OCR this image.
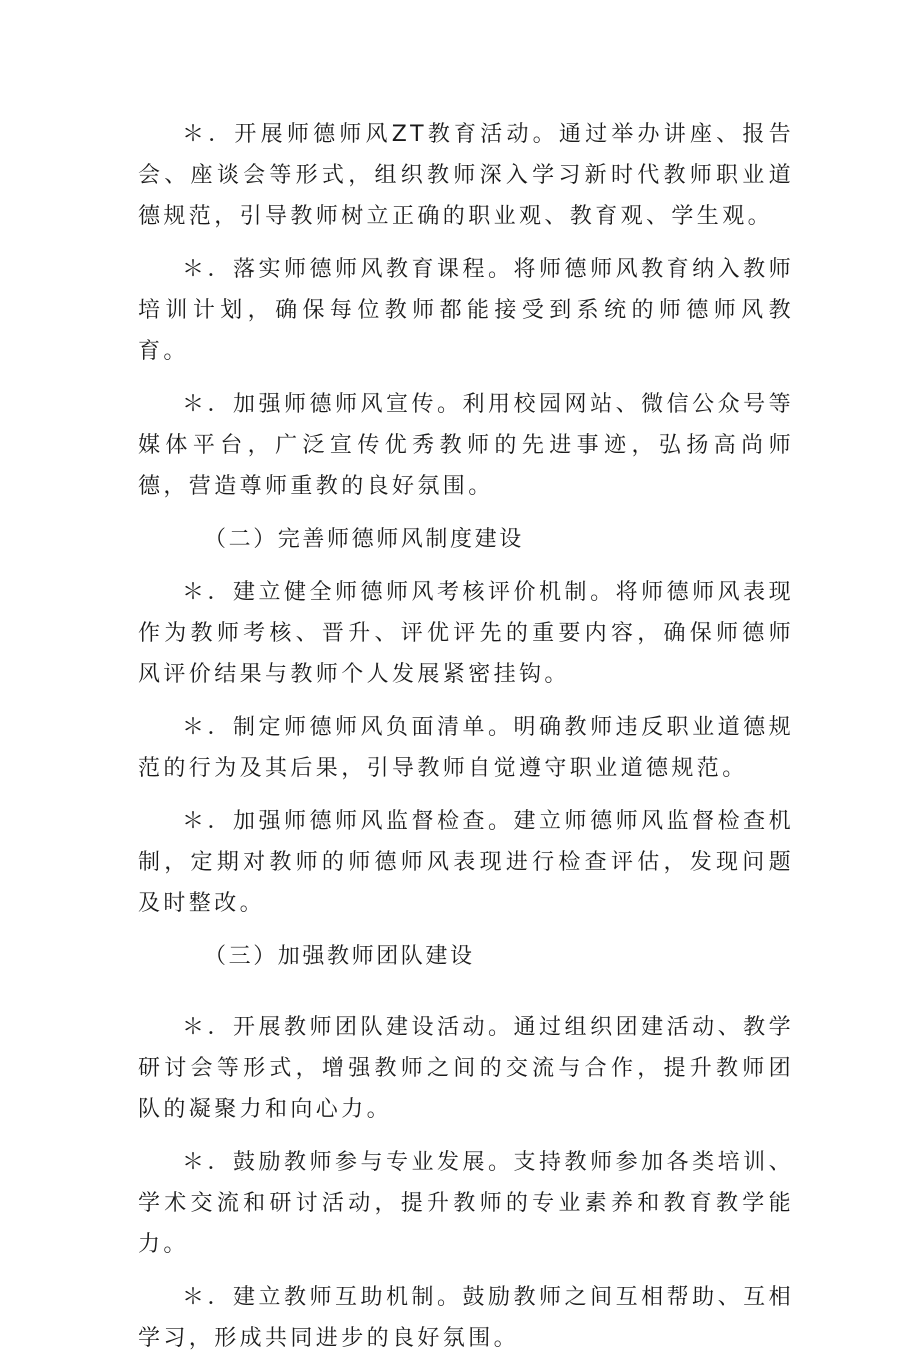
＊．开展师德师风ZT教育活动。通过举办讲座、报告会、座谈会等形式，组织教师深入学习新时代教师职业道德规范，引导教师树立正确的职业观、教育观、学生观。

＊．落实师德师风教育课程。将师德师风教育纳入教师培训计划，确保每位教师都能接受到系统的师德师风教育。

＊．加强师德师风宣传。利用校园网站、微信公众号等媒体平台，广泛宣传优秀教师的先进事迹，弘扬高尚师德，营造尊师重教的良好氛围。

（二）完善师德师风制度建设

＊．建立健全师德师风考核评价机制。将师德师风表现作为教师考核、晋升、评优评先的重要内容，确保师德师风评价结果与教师个人发展紧密挂钩。

＊．制定师德师风负面清单。明确教师违反职业道德规范的行为及其后果，引导教师自觉遵守职业道德规范。

＊．加强师德师风监督检查。建立师德师风监督检查机制，定期对教师的师德师风表现进行检查评估，发现问题及时整改。

（三）加强教师团队建设

＊．开展教师团队建设活动。通过组织团建活动、教学研讨会等形式，增强教师之间的交流与合作，提升教师团队的凝聚力和向心力。

＊．鼓励教师参与专业发展。支持教师参加各类培训、学术交流和研讨活动，提升教师的专业素养和教育教学能力。

＊．建立教师互助机制。鼓励教师之间互相帮助、互相学习，形成共同进步的良好氛围。
